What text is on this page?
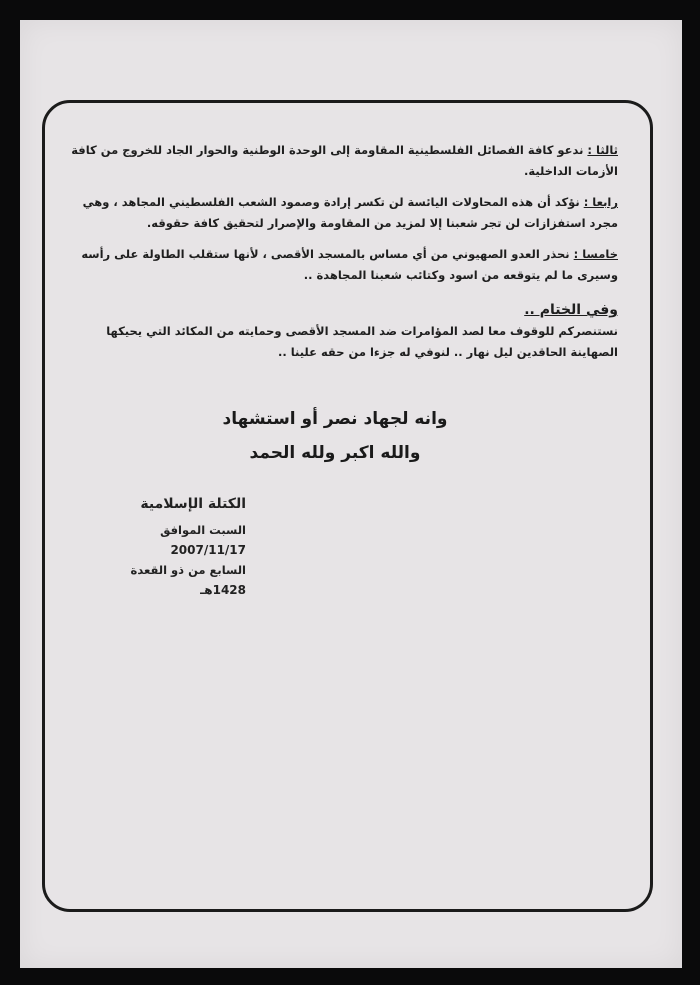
ثالثا : ندعو كافة الفصائل الفلسطينية المقاومة إلى الوحدة الوطنية والحوار الجاد للخروج من كافة الأزمات الداخلية.

رابعا : نؤكد أن هذه المحاولات اليائسة لن تكسر إرادة وصمود الشعب الفلسطيني المجاهد ، وهي مجرد استفزازات لن تجر شعبنا إلا لمزيد من المقاومة والإصرار لتحقيق كافة حقوقه.

خامسا : نحذر العدو الصهيوني من أي مساس بالمسجد الأقصى ، لأنها ستقلب الطاولة على رأسه وسيرى ما لم يتوقعه من اسود وكتائب شعبنا المجاهدة ..

وفي الختام ..

نستنصركم للوقوف معا لصد المؤامرات ضد المسجد الأقصى وحمايته من المكائد التي يحيكها الصهاينة الحاقدين ليل نهار .. لنوفي له جزءا من حقه علينا ..

وانه لجهاد نصر أو استشهاد
والله اكبر ولله الحمد
الكتلة الإسلامية
السبت الموافق 2007/11/17
السابع من ذو القعدة 1428هـ
